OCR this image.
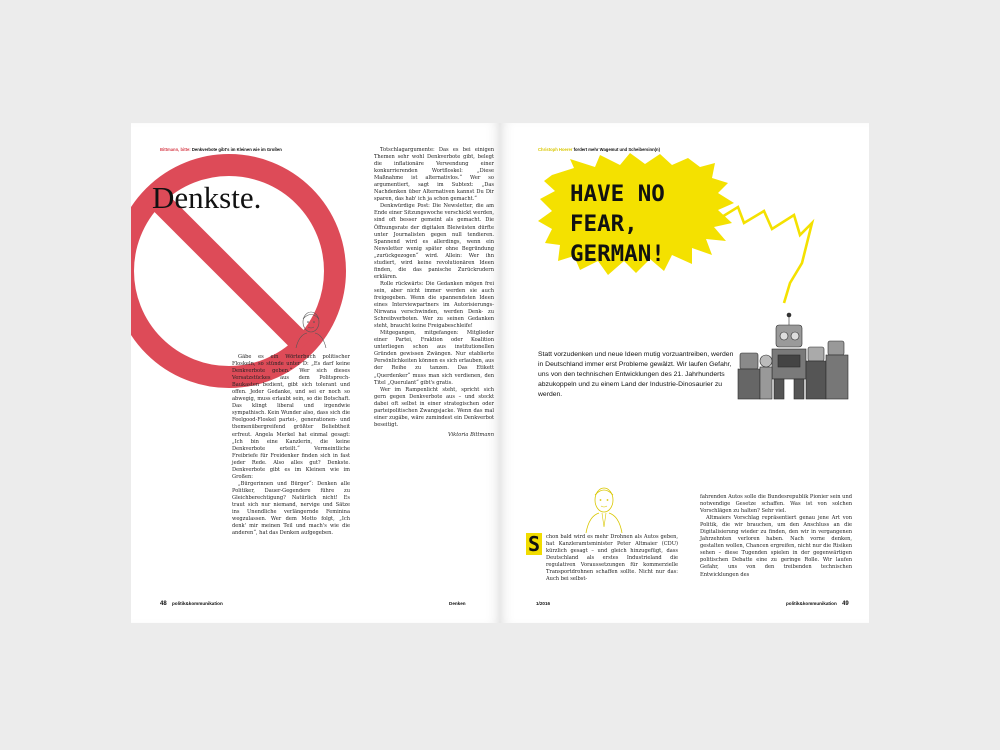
Bittmann, bitte: Denkverbote gibt's im Kleinen wie im Großen
Denkste.

Gäbe es ein Wörterbuch politischer Floskeln, so stünde unter D: „Es darf keine Denkverbote geben.“ Wer sich dieses Versatzstückes aus dem Politsprech-Baukasten bedient, gibt sich tolerant und offen. Jeder Gedanke, und sei er noch so abwegig, muss erlaubt sein, so die Botschaft. Das klingt liberal und irgendwie sympathisch. Kein Wunder also, dass sich die Feelgood-Floskel partei-, generationen- und themenübergreifend größter Beliebtheit erfreut. Angela Merkel hat einmal gesagt: „Ich bin eine Kanzlerin, die keine Denkverbote erteilt.“ Vermeintliche Freibriefe für Freidenker finden sich in fast jeder Rede. Also alles gut? Denkste. Denkverbote gibt es im Kleinen wie im Großen:

„Bürgerinnen und Bürger“: Denken alle Politiker, Dauer-Gegendere führe zu Gleichberechtigung? Natürlich nicht! Es traut sich nur niemand, nervige und Sätze ins Unendliche verlängernde Feminina wegzulassen. Wer dem Motto folgt, „Ich denk' mir meinen Teil und mach's wie die anderen“, hat das Denken aufgegeben.

Totschlagargumente: Das es bei einigen Themen sehr wohl Denkverbote gibt, belegt die inflationäre Verwendung einer konkurrierenden Wortfloskel: „Diese Maßnahme ist alternativlos.“ Wer so argumentiert, sagt im Subtext: „Das Nachdenken über Alternativen kannst Du Dir sparen, das hab' ich ja schon gemacht.“

Denkwürdige Post: Die Newsletter, die am Ende einer Sitzungswoche verschickt werden, sind oft besser gemeint als gemacht. Die Öffnungsrate der digitalen Bleiwüsten dürfte unter Journalisten gegen null tendieren. Spannend wird es allerdings, wenn ein Newsletter wenig später ohne Begründung „zurückgezogen“ wird. Allein: Wer ihn studiert, wird keine revolutionären Ideen finden, die das panische Zurückrudern erklären.

Rolle rückwärts: Die Gedanken mögen frei sein, aber nicht immer werden sie auch freigegeben. Wenn die spannendsten Ideen eines Interviewpartners im Autorisierungs-Nirwana verschwinden, werden Denk- zu Schreibverboten. Wer zu seinen Gedanken steht, braucht keine Freigabeschleife!

Mitgegangen, mitgefangen: Mitglieder einer Partei, Fraktion oder Koalition unterliegen schon aus institutionellen Gründen gewissen Zwängen. Nur etablierte Persönlichkeiten können es sich erlauben, aus der Reihe zu tanzen. Das Etikett „Querdenker“ muss man sich verdienen, den Titel „Querulant“ gibt's gratis.

Wer im Rampenlicht steht, spricht sich gern gegen Denkverbote aus – und steckt dabei oft selbst in einer strategischen oder parteipolitischen Zwangsjacke. Wenn das mal einer zugäbe, wäre zumindest ein Denkverbot beseitigt.

Viktoria Bittmann
48 politik&kommunikation	Denken
Christoph Hoerer fordert mehr Wagemut und Scheibersinn(n)
HAVE NO
FEAR,
GERMAN!
Statt vorzudenken und neue Ideen mutig vorzuantreiben, werden in Deutschland immer erst Probleme gewälzt. Wir laufen Gefahr, uns von den technischen Entwicklungen des 21. Jahrhunderts abzukoppeln und zu einem Land der Industrie-Dinosaurier zu werden.
S	chon bald wird es mehr Drohnen als Autos geben, hat Kanzleramtsminister Peter Altmaier (CDU) kürzlich gesagt – und gleich hinzugefügt, dass Deutschland als erstes Industrieland die regulativen Voraussetzungen für kommerzielle Transportdrohnen schaffen sollte. Nicht nur das: Auch bei selbst-

fahrenden Autos solle die Bundesrepublik Pionier sein und notwendige Gesetze schaffen. Was ist von solchen Vorschlägen zu halten? Sehr viel.

Altmaiers Vorschlag repräsentiert genau jene Art von Politik, die wir brauchen, um den Anschluss an die Digitalisierung wieder zu finden, den wir in vergangenen Jahrzehnten verloren haben. Nach vorne denken, gestalten wollen, Chancen ergreifen, nicht nur die Risiken sehen – diese Tugenden spielen in der gegenwärtigen politischen Debatte eine zu geringe Rolle. Wir laufen Gefahr, uns von den treibenden technischen Entwicklungen des

1/2016	politik&kommunikation 49
